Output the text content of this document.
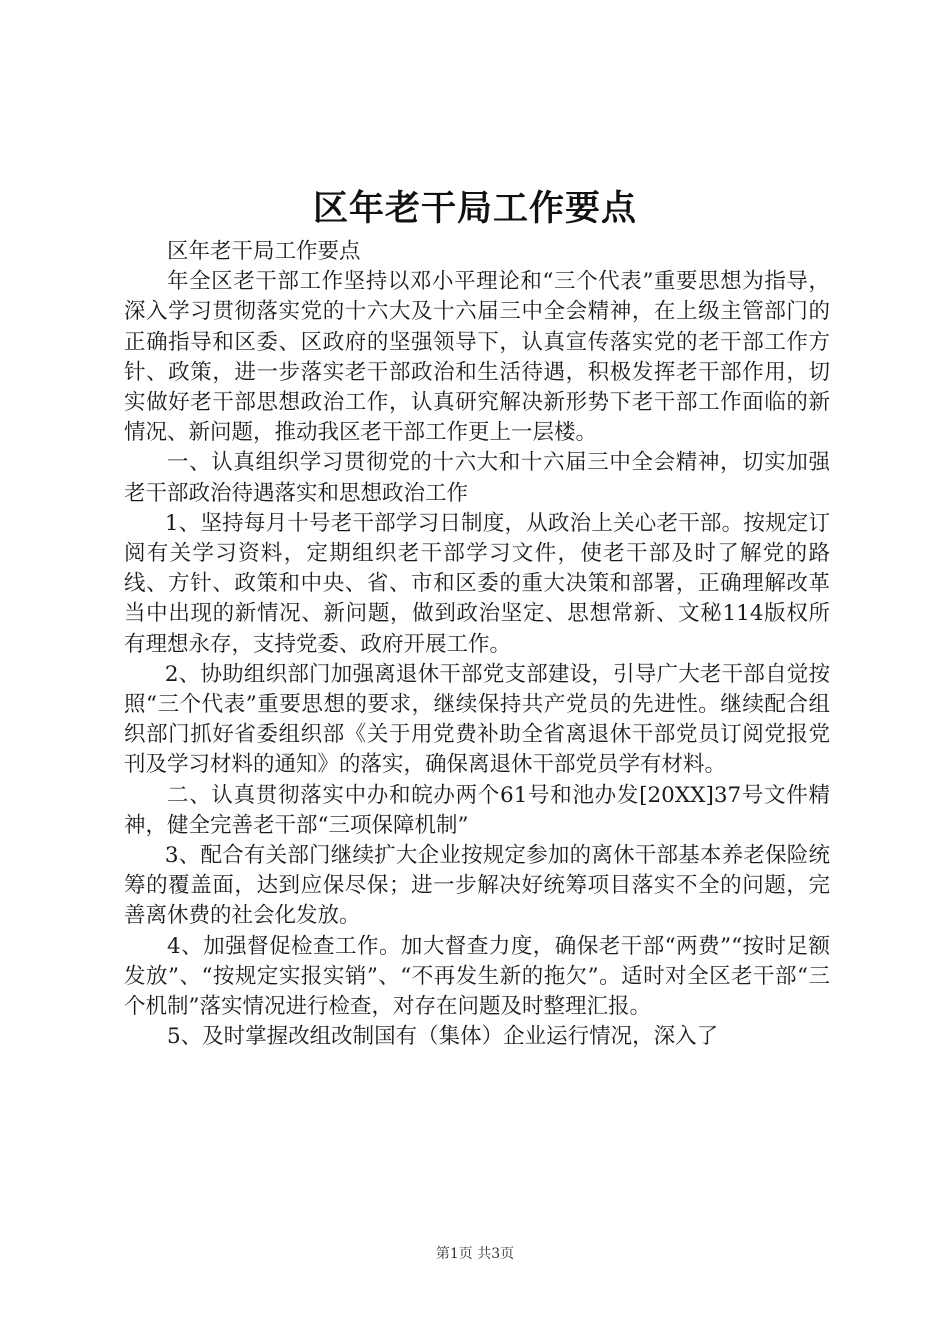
区年老干局工作要点

区年老干局工作要点

年全区老干部工作坚持以邓小平理论和“三个代表”重要思想为指导，深入学习贯彻落实党的十六大及十六届三中全会精神，在上级主管部门的正确指导和区委、区政府的坚强领导下，认真宣传落实党的老干部工作方针、政策，进一步落实老干部政治和生活待遇，积极发挥老干部作用，切实做好老干部思想政治工作，认真研究解决新形势下老干部工作面临的新情况、新问题，推动我区老干部工作更上一层楼。

一、认真组织学习贯彻党的十六大和十六届三中全会精神，切实加强老干部政治待遇落实和思想政治工作

1、坚持每月十号老干部学习日制度，从政治上关心老干部。按规定订阅有关学习资料，定期组织老干部学习文件，使老干部及时了解党的路线、方针、政策和中央、省、市和区委的重大决策和部署，正确理解改革当中出现的新情况、新问题，做到政治坚定、思想常新、文秘114版权所有理想永存，支持党委、政府开展工作。

2、协助组织部门加强离退休干部党支部建设，引导广大老干部自觉按照“三个代表”重要思想的要求，继续保持共产党员的先进性。继续配合组织部门抓好省委组织部《关于用党费补助全省离退休干部党员订阅党报党刊及学习材料的通知》的落实，确保离退休干部党员学有材料。

二、认真贯彻落实中办和皖办两个61号和池办发[20XX]37号文件精神，健全完善老干部“三项保障机制”

3、配合有关部门继续扩大企业按规定参加的离休干部基本养老保险统筹的覆盖面，达到应保尽保；进一步解决好统筹项目落实不全的问题，完善离休费的社会化发放。

4、加强督促检查工作。加大督查力度，确保老干部“两费”“按时足额发放”、“按规定实报实销”、“不再发生新的拖欠”。适时对全区老干部“三个机制”落实情况进行检查，对存在问题及时整理汇报。

5、及时掌握改组改制国有（集体）企业运行情况，深入了

第1页 共3页
